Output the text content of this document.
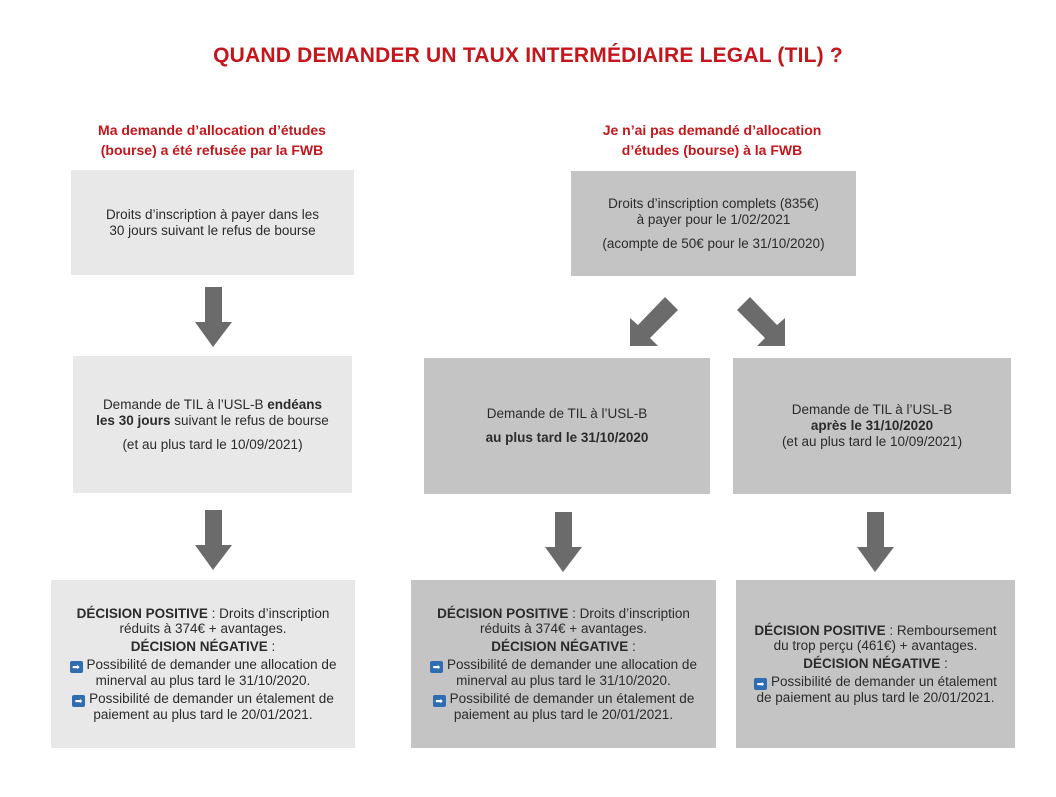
QUAND DEMANDER UN TAUX INTERMÉDIAIRE LEGAL (TIL) ?
Ma demande d’allocation d’études
(bourse) a été refusée par la FWB
Je n’ai pas demandé d’allocation
d’études (bourse) à la FWB

Droits d’inscription à payer dans les

30 jours suivant le refus de bourse

Droits d’inscription complets (835€)

à payer pour le 1/02/2021

(acompte de 50€ pour le 31/10/2020)

Demande de TIL à l’USL-B endéans

les 30 jours suivant le refus de bourse

(et au plus tard le 10/09/2021)

Demande de TIL à l’USL-B

au plus tard le 31/10/2020

Demande de TIL à l’USL-B

après le 31/10/2020

(et au plus tard le 10/09/2021)

DÉCISION POSITIVE : Droits d’inscription

réduits à 374€ + avantages.

DÉCISION NÉGATIVE :

➡ Possibilité de demander une allocation de

minerval au plus tard le 31/10/2020.

➡ Possibilité de demander un étalement de

paiement au plus tard le 20/01/2021.

DÉCISION POSITIVE : Droits d’inscription

réduits à 374€ + avantages.

DÉCISION NÉGATIVE :

➡ Possibilité de demander une allocation de

minerval au plus tard le 31/10/2020.

➡ Possibilité de demander un étalement de

paiement au plus tard le 20/01/2021.

DÉCISION POSITIVE : Remboursement

du trop perçu (461€) + avantages.

DÉCISION NÉGATIVE :

➡ Possibilité de demander un étalement

de paiement au plus tard le 20/01/2021.
